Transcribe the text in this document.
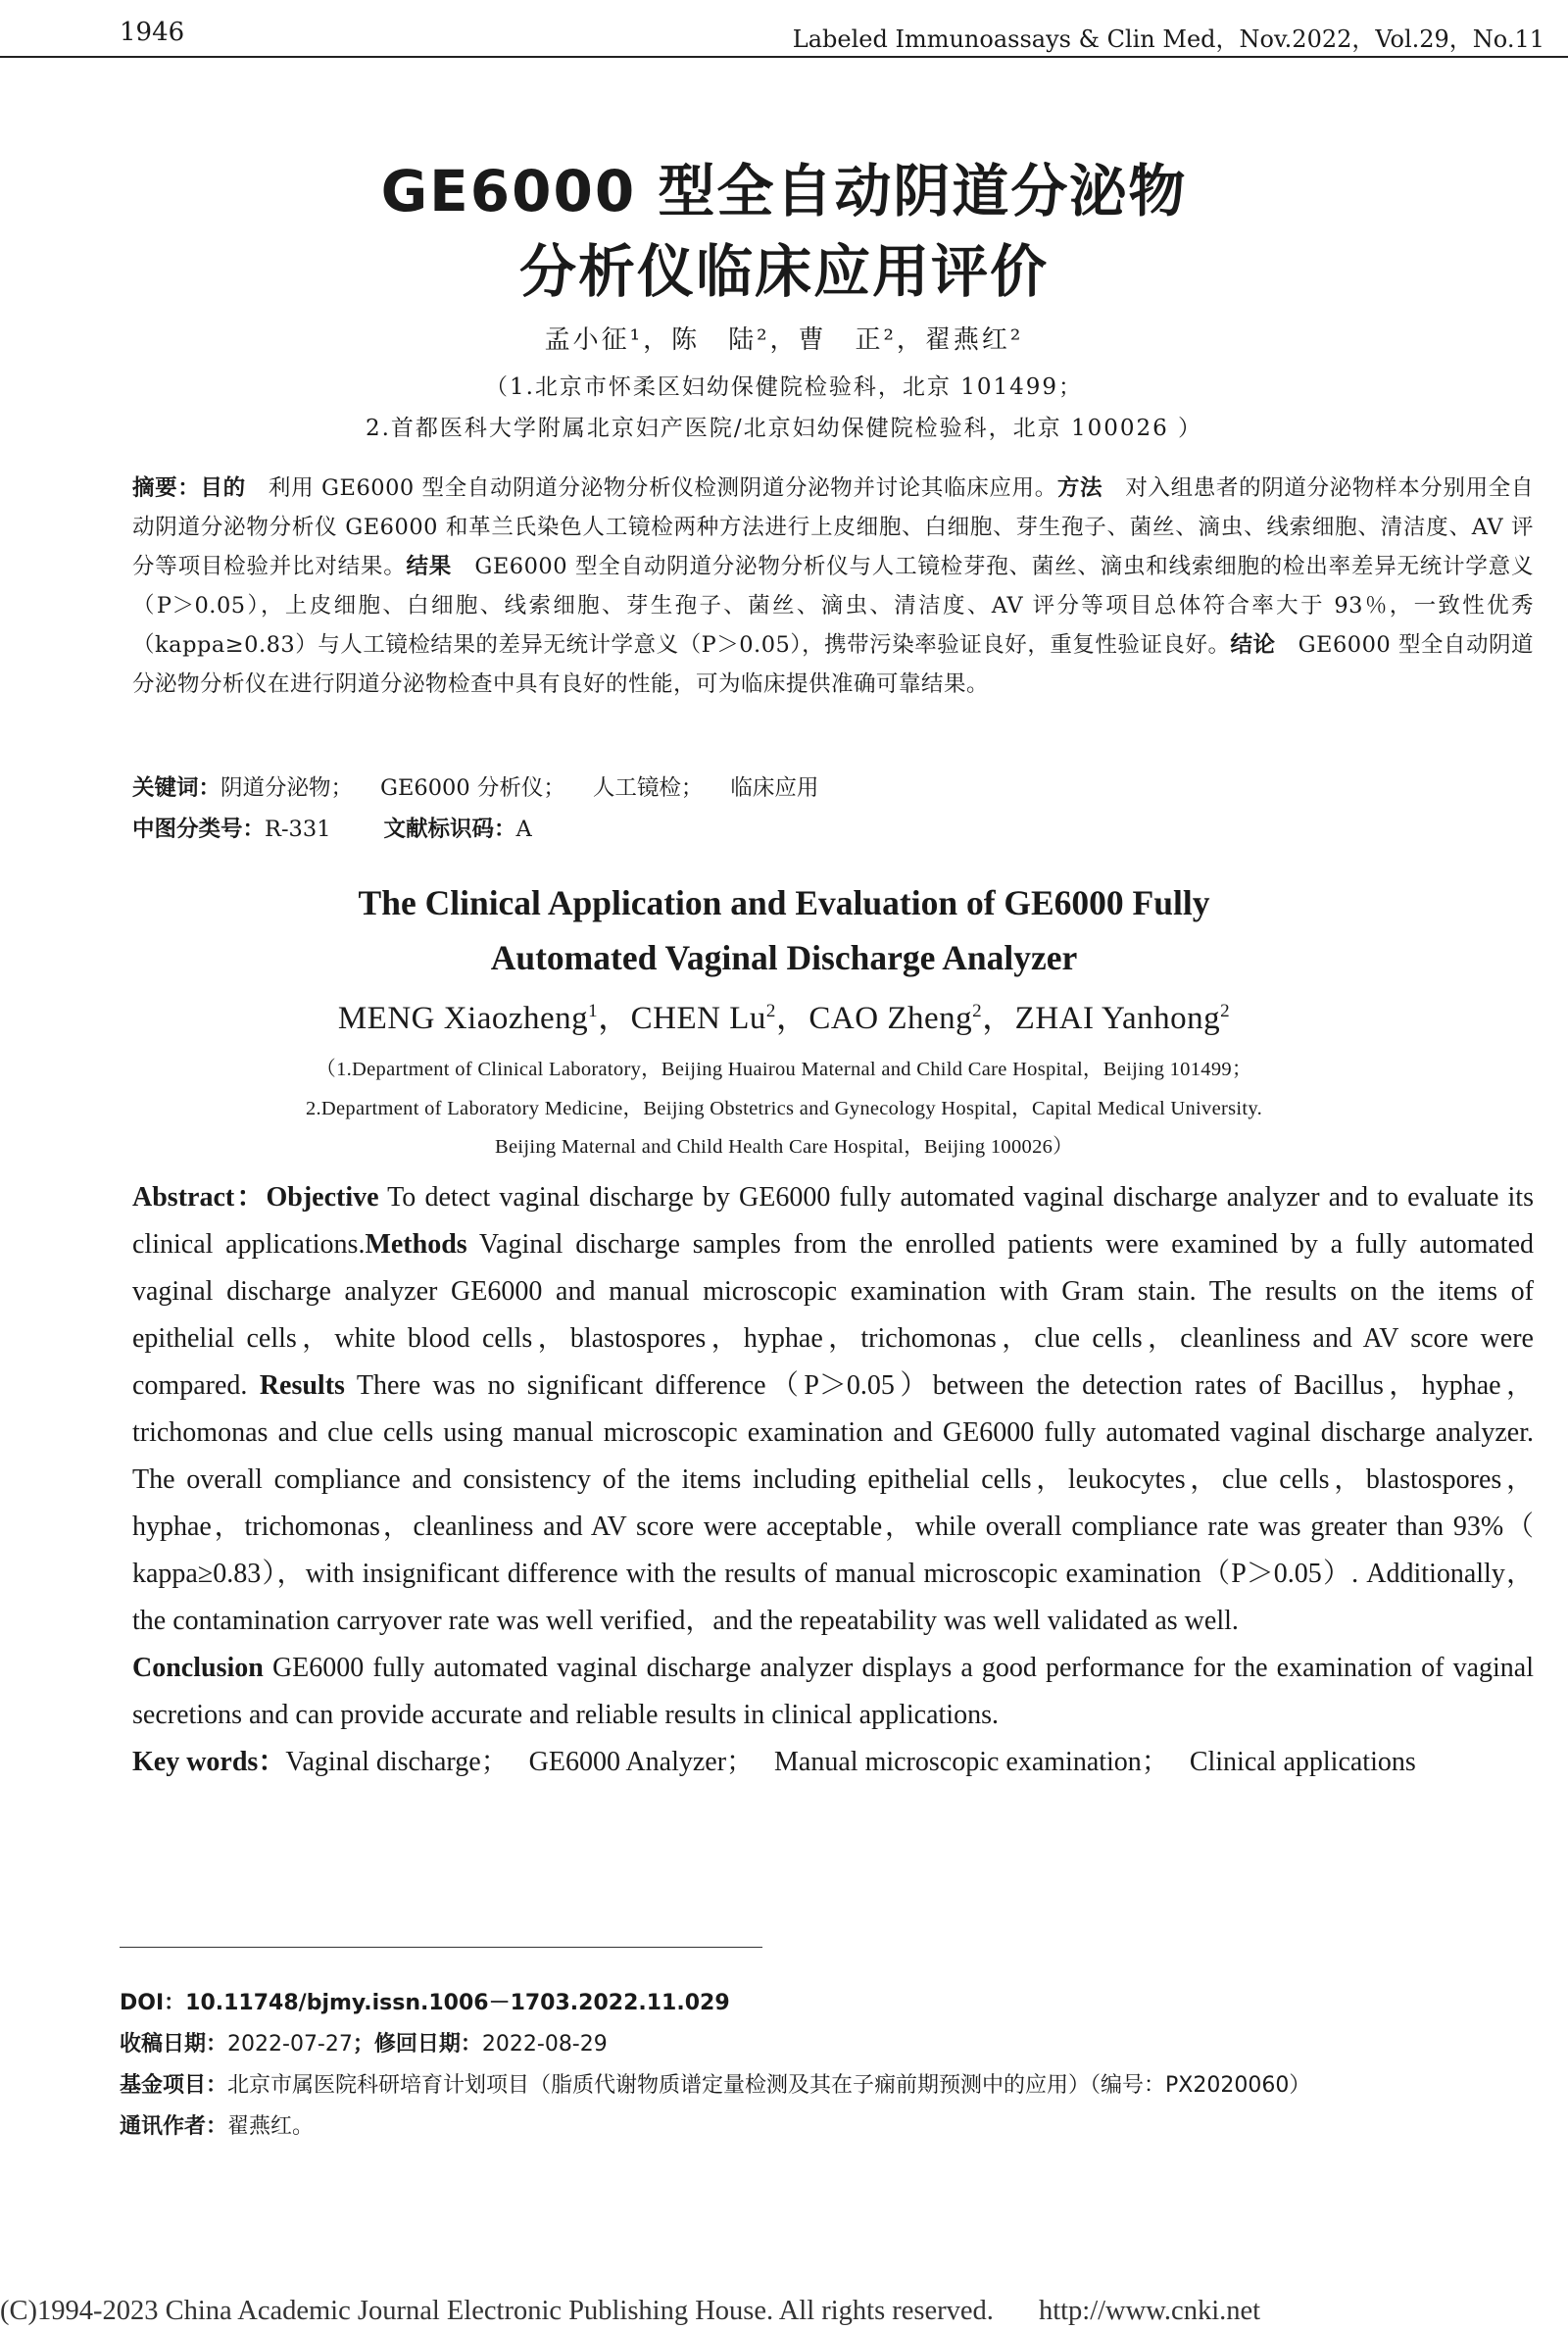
1946	Labeled Immunoassays & Clin Med，Nov.2022，Vol.29，No.11
GE6000 型全自动阴道分泌物
分析仪临床应用评价
孟小征¹，陈　陆²，曹　正²，翟燕红²
（1.北京市怀柔区妇幼保健院检验科，北京 101499；
2.首都医科大学附属北京妇产医院/北京妇幼保健院检验科，北京 100026 ）
摘要：目的　利用 GE6000 型全自动阴道分泌物分析仪检测阴道分泌物并讨论其临床应用。方法　对入组患者的阴道分泌物样本分别用全自动阴道分泌物分析仪 GE6000 和革兰氏染色人工镜检两种方法进行上皮细胞、白细胞、芽生孢子、菌丝、滴虫、线索细胞、清洁度、AV 评分等项目检验并比对结果。结果　GE6000 型全自动阴道分泌物分析仪与人工镜检芽孢、菌丝、滴虫和线索细胞的检出率差异无统计学意义（P＞0.05），上皮细胞、白细胞、线索细胞、芽生孢子、菌丝、滴虫、清洁度、AV 评分等项目总体符合率大于 93％，一致性优秀（kappa≥0.83）与人工镜检结果的差异无统计学意义（P＞0.05），携带污染率验证良好，重复性验证良好。结论　GE6000 型全自动阴道分泌物分析仪在进行阴道分泌物检查中具有良好的性能，可为临床提供准确可靠结果。
关键词：阴道分泌物； GE6000 分析仪； 人工镜检； 临床应用
中图分类号：R-331 文献标识码：A
The Clinical Application and Evaluation of GE6000 Fully
Automated Vaginal Discharge Analyzer
MENG Xiaozheng$^1$，CHEN Lu$^2$，CAO Zheng$^2$，ZHAI Yanhong$^2$
（1.Department of Clinical Laboratory，Beijing Huairou Maternal and Child Care Hospital，Beijing 101499；
2.Department of Laboratory Medicine，Beijing Obstetrics and Gynecology Hospital，Capital Medical University.
Beijing Maternal and Child Health Care Hospital，Beijing 100026）
Abstract：Objective To detect vaginal discharge by GE6000 fully automated vaginal discharge analyzer and to evaluate its clinical applications.Methods Vaginal discharge samples from the enrolled patients were examined by a fully automated vaginal discharge analyzer GE6000 and manual microscopic examination with Gram stain. The results on the items of epithelial cells，white blood cells，blastospores，hyphae，trichomonas，clue cells，cleanliness and AV score were compared. Results There was no significant difference（P＞0.05）between the detection rates of Bacillus，hyphae，trichomonas and clue cells using manual microscopic examination and GE6000 fully automated vaginal discharge analyzer. The overall compliance and consistency of the items including epithelial cells，leukocytes，clue cells，blastospores，hyphae，trichomonas，cleanliness and AV score were acceptable，while overall compliance rate was greater than 93%（ kappa≥0.83），with insignificant difference with the results of manual microscopic examination（P＞0.05）. Additionally，the contamination carryover rate was well verified，and the repeatability was well validated as well.
Conclusion GE6000 fully automated vaginal discharge analyzer displays a good performance for the examination of vaginal secretions and can provide accurate and reliable results in clinical applications.
Key words：Vaginal discharge； GE6000 Analyzer； Manual microscopic examination； Clinical applications
DOI：10.11748/bjmy.issn.1006－1703.2022.11.029
收稿日期：2022-07-27；修回日期：2022-08-29
基金项目：北京市属医院科研培育计划项目（脂质代谢物质谱定量检测及其在子痫前期预测中的应用）（编号：PX2020060）
通讯作者：翟燕红。
(C)1994-2023 China Academic Journal Electronic Publishing House. All rights reserved. http://www.cnki.net
